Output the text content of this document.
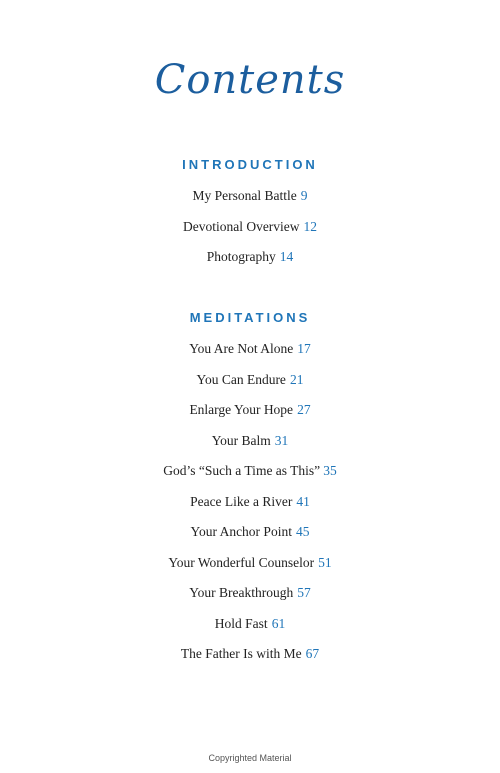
Contents
INTRODUCTION
My Personal Battle 9
Devotional Overview 12
Photography 14
MEDITATIONS
You Are Not Alone 17
You Can Endure 21
Enlarge Your Hope 27
Your Balm 31
God’s “Such a Time as This” 35
Peace Like a River 41
Your Anchor Point 45
Your Wonderful Counselor 51
Your Breakthrough 57
Hold Fast 61
The Father Is with Me 67
Copyrighted Material
